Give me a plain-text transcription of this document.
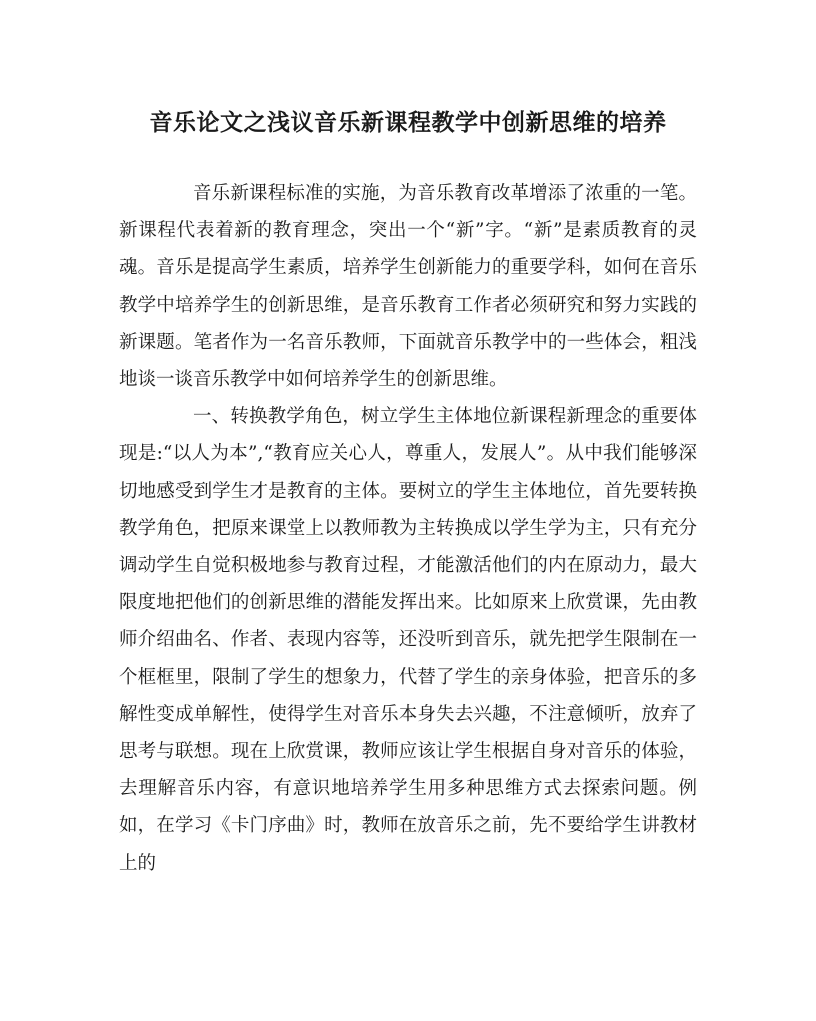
音乐论文之浅议音乐新课程教学中创新思维的培养

音乐新课程标准的实施，为音乐教育改革增添了浓重的一笔。新课程代表着新的教育理念，突出一个“新”字。“新”是素质教育的灵魂。音乐是提高学生素质，培养学生创新能力的重要学科，如何在音乐教学中培养学生的创新思维，是音乐教育工作者必须研究和努力实践的新课题。笔者作为一名音乐教师，下面就音乐教学中的一些体会，粗浅地谈一谈音乐教学中如何培养学生的创新思维。

一、转换教学角色，树立学生主体地位新课程新理念的重要体现是:“以人为本”,“教育应关心人，尊重人，发展人”。从中我们能够深切地感受到学生才是教育的主体。要树立的学生主体地位，首先要转换教学角色，把原来课堂上以教师教为主转换成以学生学为主，只有充分调动学生自觉积极地参与教育过程，才能激活他们的内在原动力，最大限度地把他们的创新思维的潜能发挥出来。比如原来上欣赏课，先由教师介绍曲名、作者、表现内容等，还没听到音乐，就先把学生限制在一个框框里，限制了学生的想象力，代替了学生的亲身体验，把音乐的多解性变成单解性，使得学生对音乐本身失去兴趣，不注意倾听，放弃了思考与联想。现在上欣赏课，教师应该让学生根据自身对音乐的体验，去理解音乐内容，有意识地培养学生用多种思维方式去探索问题。例如，在学习《卡门序曲》时，教师在放音乐之前，先不要给学生讲教材上的
